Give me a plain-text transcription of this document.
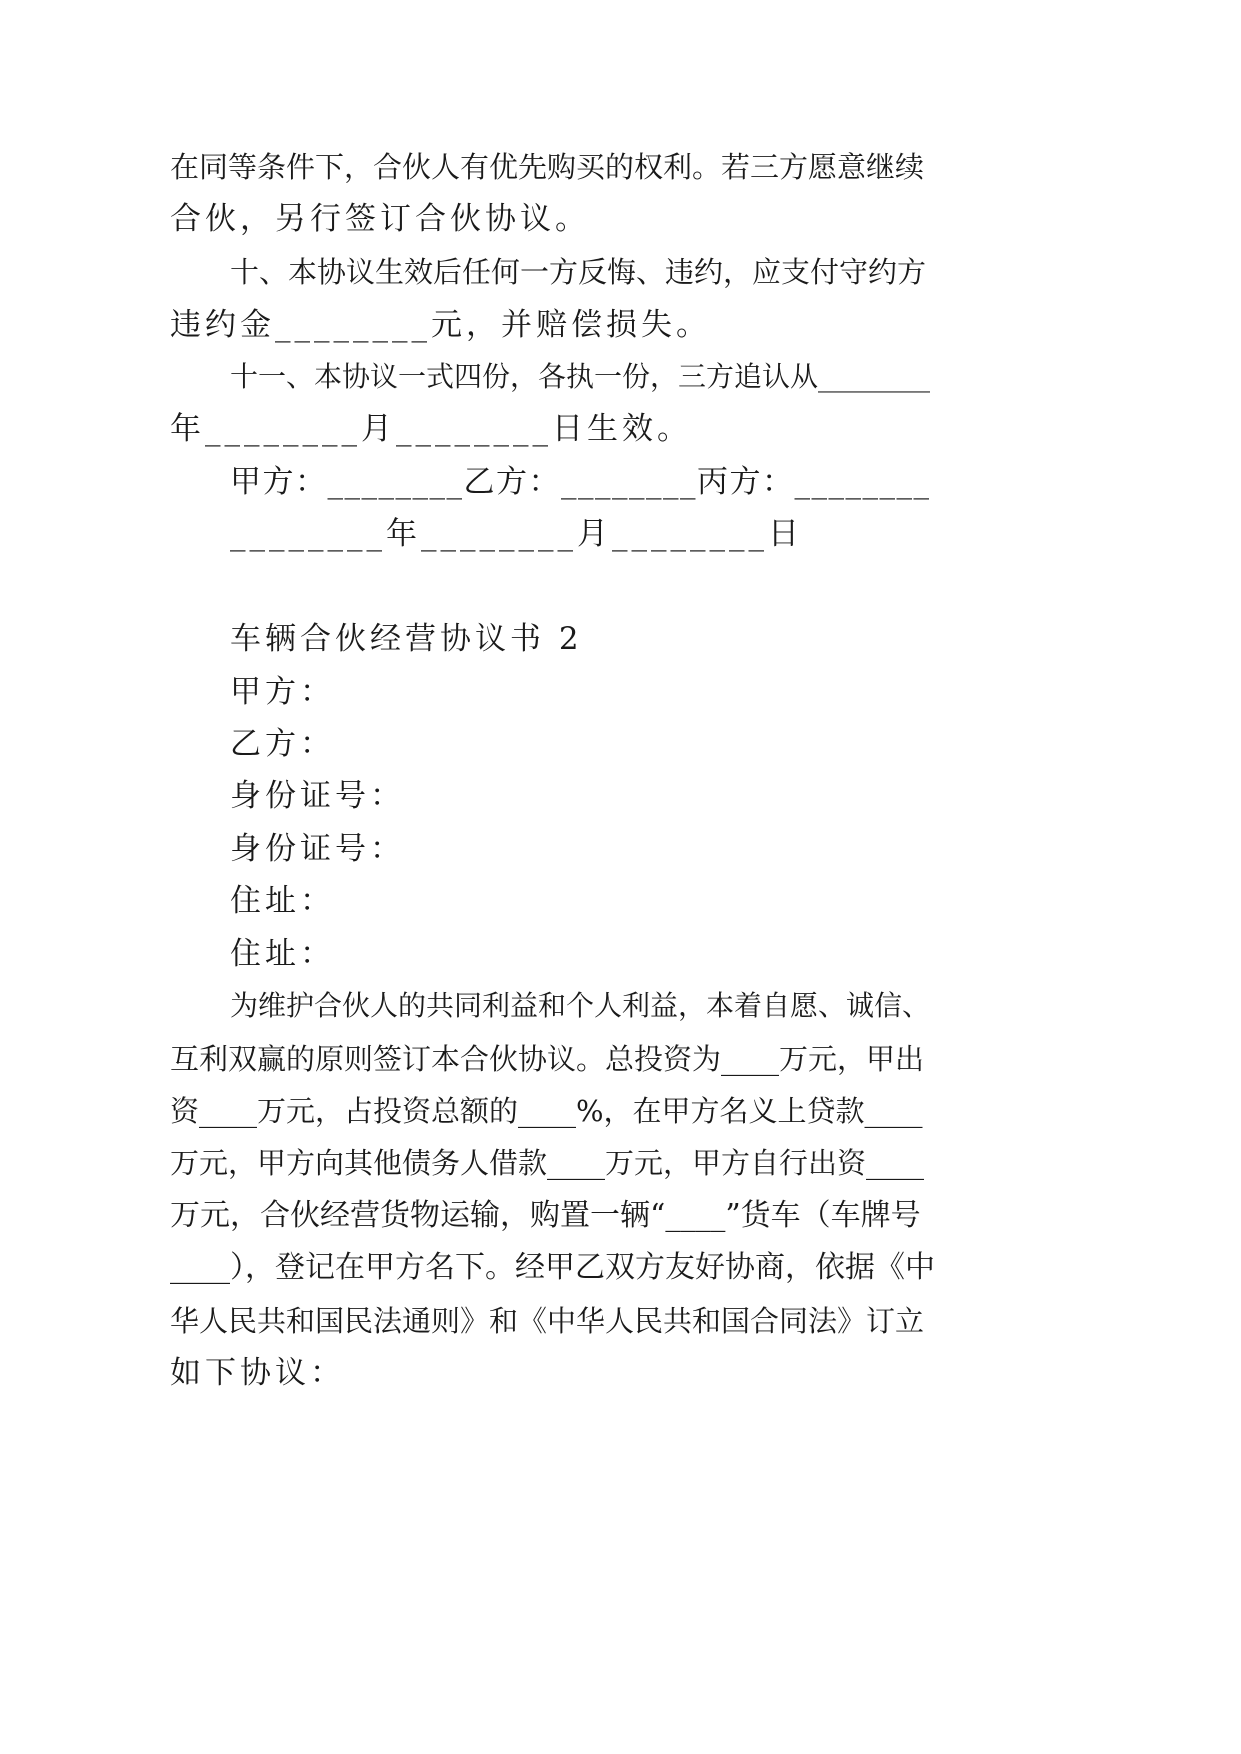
在同等条件下，合伙人有优先购买的权利。若三方愿意继续
合伙，另行签订合伙协议。
十、本协议生效后任何一方反悔、违约，应支付守约方
违约金________元，并赔偿损失。
十一、本协议一式四份，各执一份，三方追认从________
年________月________日生效。
甲方：________乙方：________丙方：________
________年________月________日
车辆合伙经营协议书 2
甲方：
乙方：
身份证号：
身份证号：
住址：
住址：
为维护合伙人的共同利益和个人利益，本着自愿、诚信、
互利双赢的原则签订本合伙协议。总投资为____万元，甲出
资____万元，占投资总额的____%，在甲方名义上贷款____
万元，甲方向其他债务人借款____万元，甲方自行出资____
万元，合伙经营货物运输，购置一辆“____”货车（车牌号
____），登记在甲方名下。经甲乙双方友好协商，依据《中
华人民共和国民法通则》和《中华人民共和国合同法》订立
如下协议：
